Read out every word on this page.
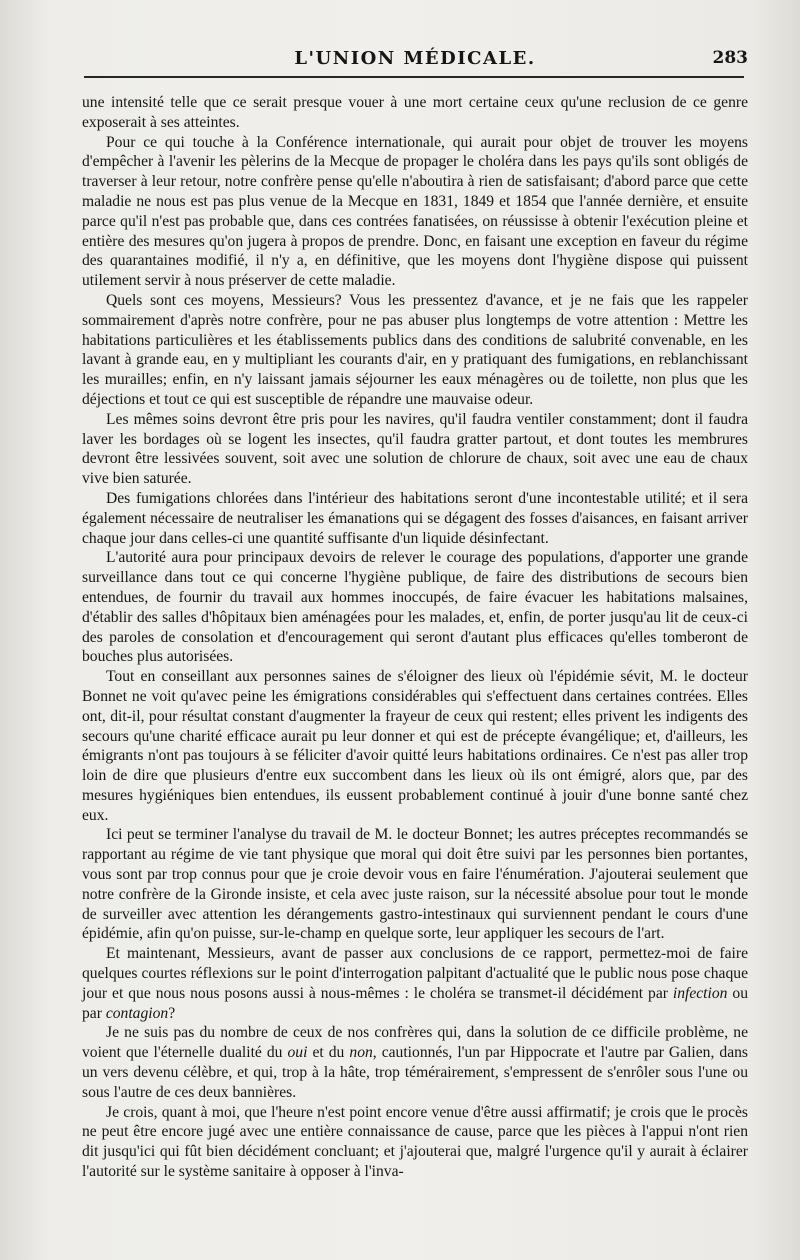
L'UNION MÉDICALE.	283

une intensité telle que ce serait presque vouer à une mort certaine ceux qu'une reclusion de ce genre exposerait à ses atteintes.

Pour ce qui touche à la Conférence internationale, qui aurait pour objet de trouver les moyens d'empêcher à l'avenir les pèlerins de la Mecque de propager le choléra dans les pays qu'ils sont obligés de traverser à leur retour, notre confrère pense qu'elle n'aboutira à rien de satisfaisant; d'abord parce que cette maladie ne nous est pas plus venue de la Mecque en 1831, 1849 et 1854 que l'année dernière, et ensuite parce qu'il n'est pas probable que, dans ces contrées fanatisées, on réussisse à obtenir l'exécution pleine et entière des mesures qu'on jugera à propos de prendre. Donc, en faisant une exception en faveur du régime des quarantaines modifié, il n'y a, en définitive, que les moyens dont l'hygiène dispose qui puissent utilement servir à nous préserver de cette maladie.

Quels sont ces moyens, Messieurs? Vous les pressentez d'avance, et je ne fais que les rappeler sommairement d'après notre confrère, pour ne pas abuser plus longtemps de votre attention : Mettre les habitations particulières et les établissements publics dans des conditions de salubrité convenable, en les lavant à grande eau, en y multipliant les courants d'air, en y pratiquant des fumigations, en reblanchissant les murailles; enfin, en n'y laissant jamais séjourner les eaux ménagères ou de toilette, non plus que les déjections et tout ce qui est susceptible de répandre une mauvaise odeur.

Les mêmes soins devront être pris pour les navires, qu'il faudra ventiler constamment; dont il faudra laver les bordages où se logent les insectes, qu'il faudra gratter partout, et dont toutes les membrures devront être lessivées souvent, soit avec une solution de chlorure de chaux, soit avec une eau de chaux vive bien saturée.

Des fumigations chlorées dans l'intérieur des habitations seront d'une incontestable utilité; et il sera également nécessaire de neutraliser les émanations qui se dégagent des fosses d'aisances, en faisant arriver chaque jour dans celles-ci une quantité suffisante d'un liquide désinfectant.

L'autorité aura pour principaux devoirs de relever le courage des populations, d'apporter une grande surveillance dans tout ce qui concerne l'hygiène publique, de faire des distributions de secours bien entendues, de fournir du travail aux hommes inoccupés, de faire évacuer les habitations malsaines, d'établir des salles d'hôpitaux bien aménagées pour les malades, et, enfin, de porter jusqu'au lit de ceux-ci des paroles de consolation et d'encouragement qui seront d'autant plus efficaces qu'elles tomberont de bouches plus autorisées.

Tout en conseillant aux personnes saines de s'éloigner des lieux où l'épidémie sévit, M. le docteur Bonnet ne voit qu'avec peine les émigrations considérables qui s'effectuent dans certaines contrées. Elles ont, dit-il, pour résultat constant d'augmenter la frayeur de ceux qui restent; elles privent les indigents des secours qu'une charité efficace aurait pu leur donner et qui est de précepte évangélique; et, d'ailleurs, les émigrants n'ont pas toujours à se féliciter d'avoir quitté leurs habitations ordinaires. Ce n'est pas aller trop loin de dire que plusieurs d'entre eux succombent dans les lieux où ils ont émigré, alors que, par des mesures hygiéniques bien entendues, ils eussent probablement continué à jouir d'une bonne santé chez eux.

Ici peut se terminer l'analyse du travail de M. le docteur Bonnet; les autres préceptes recommandés se rapportant au régime de vie tant physique que moral qui doit être suivi par les personnes bien portantes, vous sont par trop connus pour que je croie devoir vous en faire l'énumération. J'ajouterai seulement que notre confrère de la Gironde insiste, et cela avec juste raison, sur la nécessité absolue pour tout le monde de surveiller avec attention les dérangements gastro-intestinaux qui surviennent pendant le cours d'une épidémie, afin qu'on puisse, sur-le-champ en quelque sorte, leur appliquer les secours de l'art.

Et maintenant, Messieurs, avant de passer aux conclusions de ce rapport, permettez-moi de faire quelques courtes réflexions sur le point d'interrogation palpitant d'actualité que le public nous pose chaque jour et que nous nous posons aussi à nous-mêmes : le choléra se transmet-il décidément par infection ou par contagion?

Je ne suis pas du nombre de ceux de nos confrères qui, dans la solution de ce difficile problème, ne voient que l'éternelle dualité du oui et du non, cautionnés, l'un par Hippocrate et l'autre par Galien, dans un vers devenu célèbre, et qui, trop à la hâte, trop témérairement, s'empressent de s'enrôler sous l'une ou sous l'autre de ces deux bannières.

Je crois, quant à moi, que l'heure n'est point encore venue d'être aussi affirmatif; je crois que le procès ne peut être encore jugé avec une entière connaissance de cause, parce que les pièces à l'appui n'ont rien dit jusqu'ici qui fût bien décidément concluant; et j'ajouterai que, malgré l'urgence qu'il y aurait à éclairer l'autorité sur le système sanitaire à opposer à l'inva-
